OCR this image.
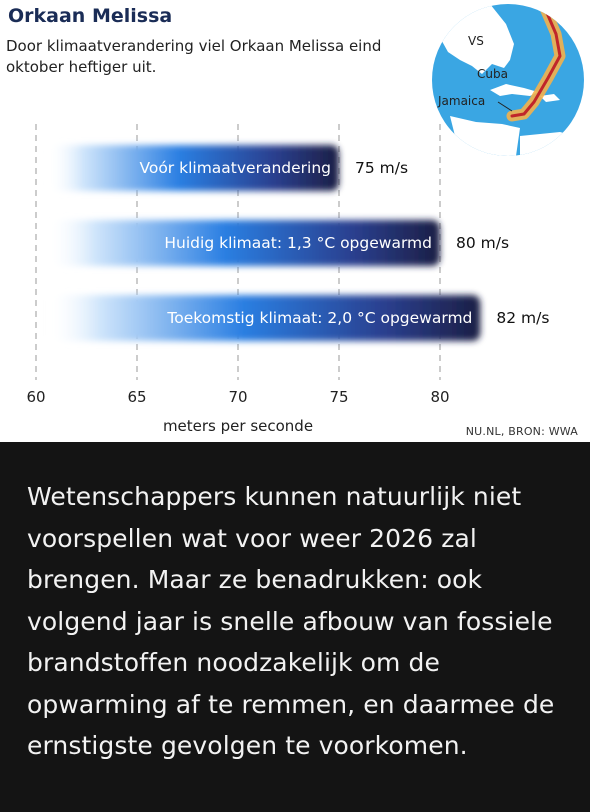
Orkaan Melissa
Door klimaatverandering viel Orkaan Melissa eind oktober heftiger uit.
Voór klimaatverandering 75 m/s
Huidig klimaat: 1,3 °C opgewarmd 80 m/s
Toekomstig klimaat: 2,0 °C opgewarmd 82 m/s
60	65	70	75	80
meters per seconde
VS
Cuba
Jamaica
NU.NL, BRON: WWA

Wetenschappers kunnen natuurlijk niet voorspellen wat voor weer 2026 zal brengen. Maar ze benadrukken: ook volgend jaar is snelle afbouw van fossiele brandstoffen noodzakelijk om de opwarming af te remmen, en daarmee de ernstigste gevolgen te voorkomen.
